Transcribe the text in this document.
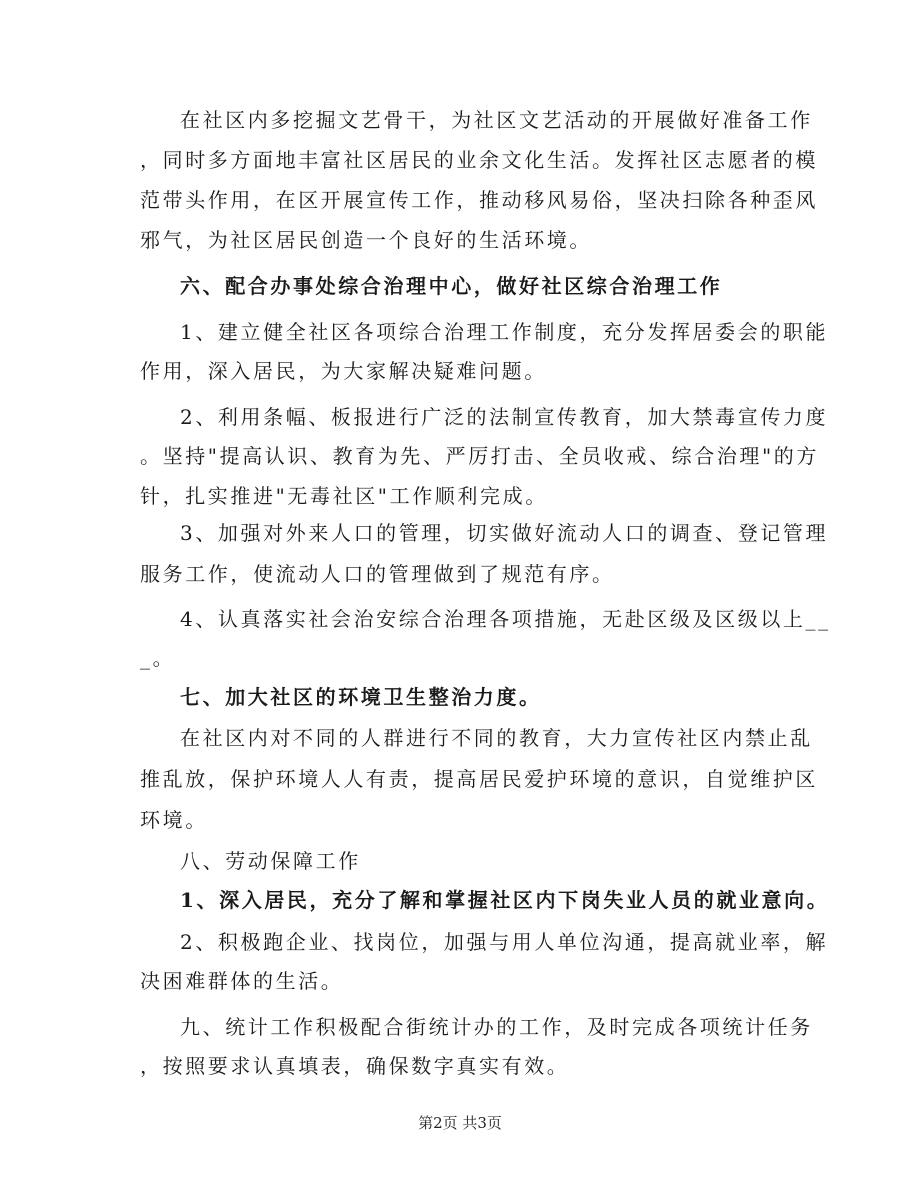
在社区内多挖掘文艺骨干，为社区文艺活动的开展做好准备工作
，同时多方面地丰富社区居民的业余文化生活。发挥社区志愿者的模
范带头作用，在区开展宣传工作，推动移风易俗，坚决扫除各种歪风
邪气，为社区居民创造一个良好的生活环境。
六、配合办事处综合治理中心，做好社区综合治理工作
1、建立健全社区各项综合治理工作制度，充分发挥居委会的职能
作用，深入居民，为大家解决疑难问题。
2、利用条幅、板报进行广泛的法制宣传教育，加大禁毒宣传力度
。坚持"提高认识、教育为先、严厉打击、全员收戒、综合治理"的方
针，扎实推进"无毒社区"工作顺利完成。
3、加强对外来人口的管理，切实做好流动人口的调查、登记管理
服务工作，使流动人口的管理做到了规范有序。
4、认真落实社会治安综合治理各项措施，无赴区级及区级以上__
_。
七、加大社区的环境卫生整治力度。
在社区内对不同的人群进行不同的教育，大力宣传社区内禁止乱
推乱放，保护环境人人有责，提高居民爱护环境的意识，自觉维护区
环境。
八、劳动保障工作
1、深入居民，充分了解和掌握社区内下岗失业人员的就业意向。
2、积极跑企业、找岗位，加强与用人单位沟通，提高就业率，解
决困难群体的生活。
九、统计工作积极配合街统计办的工作，及时完成各项统计任务
，按照要求认真填表，确保数字真实有效。
第2页 共3页
